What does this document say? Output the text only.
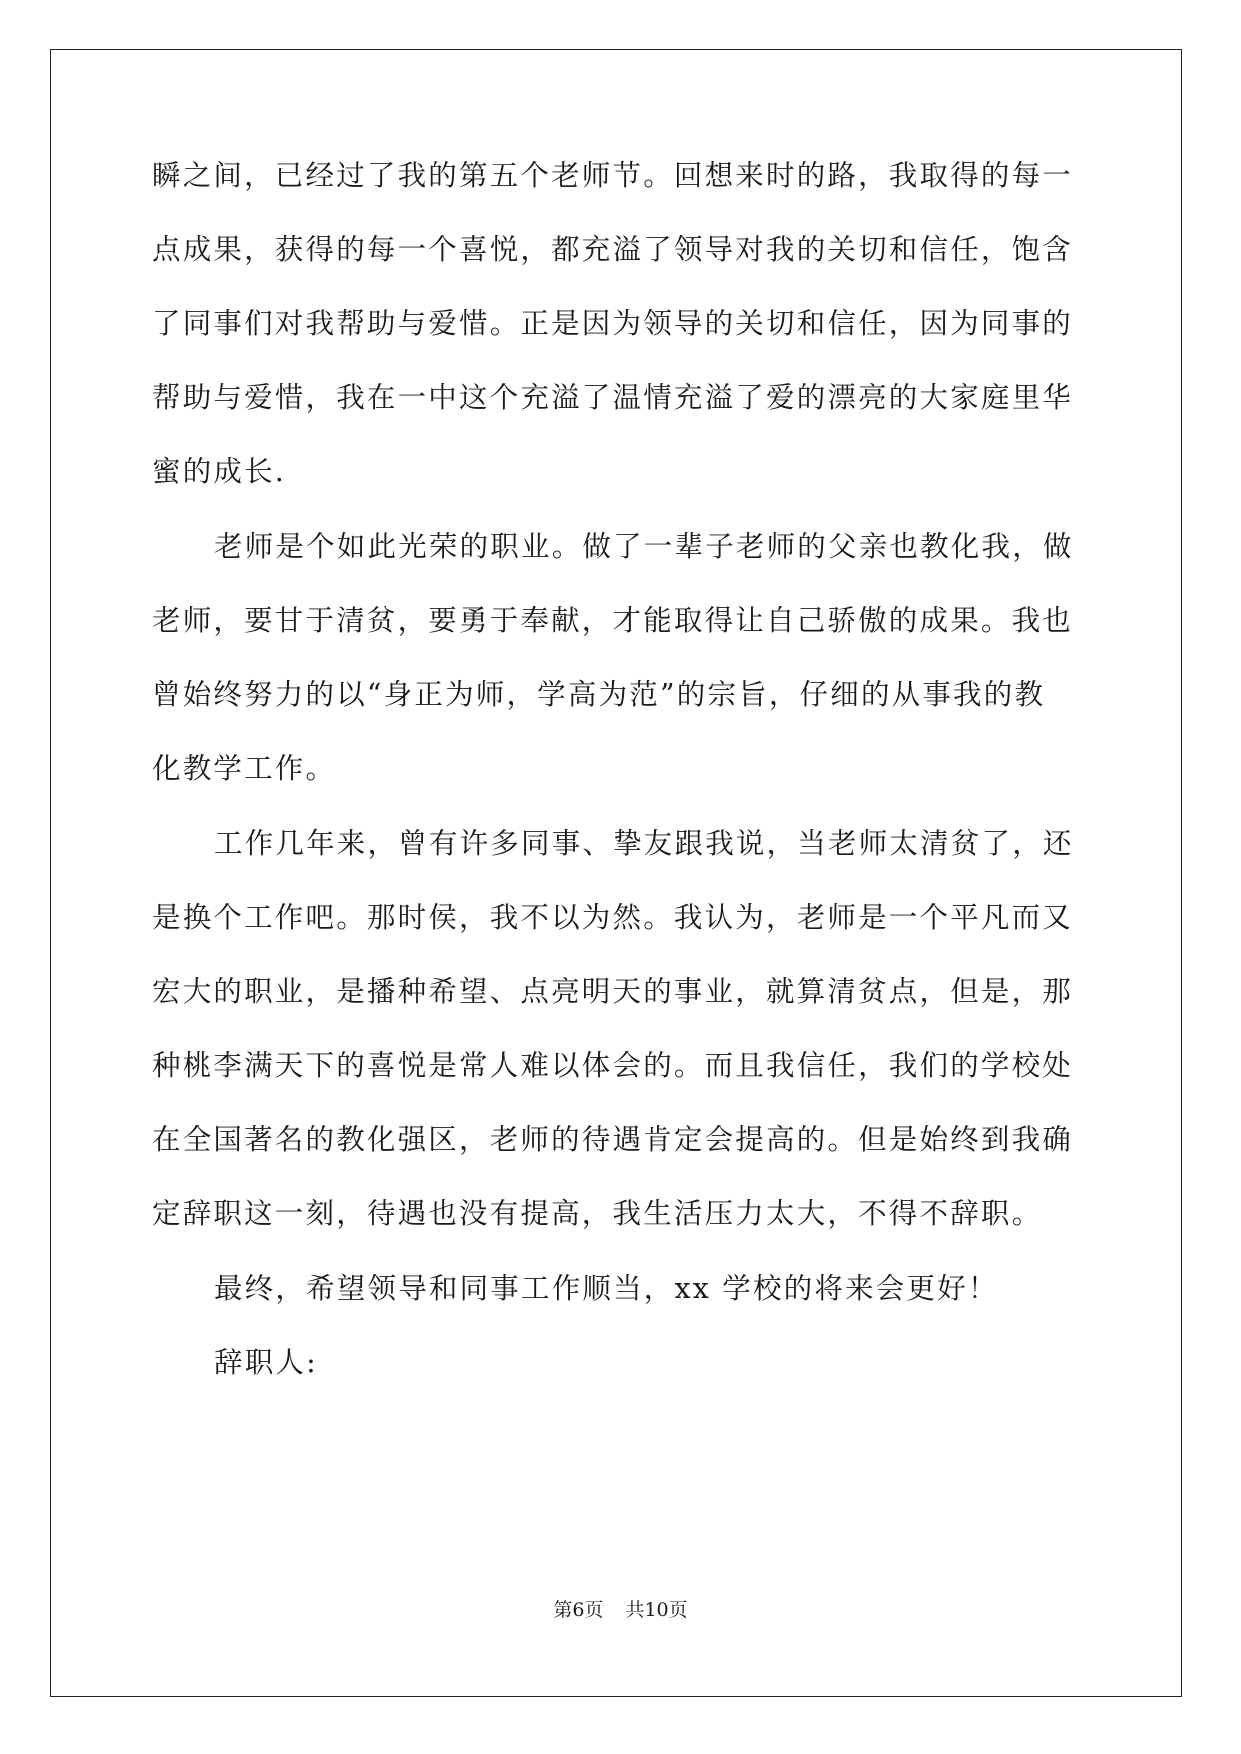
瞬之间，已经过了我的第五个老师节。回想来时的路，我取得的每一
点成果，获得的每一个喜悦，都充溢了领导对我的关切和信任，饱含
了同事们对我帮助与爱惜。正是因为领导的关切和信任，因为同事的
帮助与爱惜，我在一中这个充溢了温情充溢了爱的漂亮的大家庭里华
蜜的成长.
老师是个如此光荣的职业。做了一辈子老师的父亲也教化我，做
老师，要甘于清贫，要勇于奉献，才能取得让自己骄傲的成果。我也
曾始终努力的以“身正为师，学高为范”的宗旨，仔细的从事我的教
化教学工作。
工作几年来，曾有许多同事、挚友跟我说，当老师太清贫了，还
是换个工作吧。那时侯，我不以为然。我认为，老师是一个平凡而又
宏大的职业，是播种希望、点亮明天的事业，就算清贫点，但是，那
种桃李满天下的喜悦是常人难以体会的。而且我信任，我们的学校处
在全国著名的教化强区，老师的待遇肯定会提高的。但是始终到我确
定辞职这一刻，待遇也没有提高，我生活压力太大，不得不辞职。
最终，希望领导和同事工作顺当，xx 学校的将来会更好！
辞职人:
第6页 共10页
